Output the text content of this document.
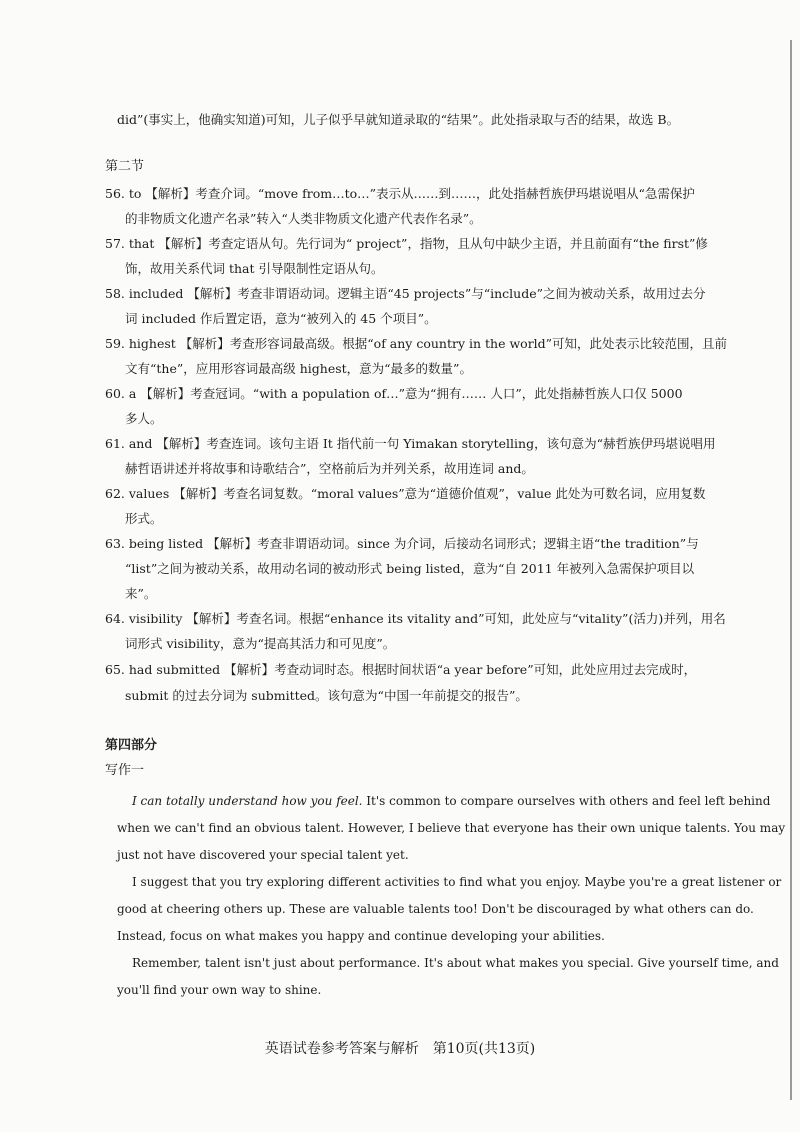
did”(事实上，他确实知道)可知，儿子似乎早就知道录取的“结果”。此处指录取与否的结果，故选 B。
第二节
56. to 【解析】考查介词。“move from…to…”表示从……到……，此处指赫哲族伊玛堪说唱从“急需保护
的非物质文化遗产名录”转入“人类非物质文化遗产代表作名录”。
57. that 【解析】考查定语从句。先行词为“ project”，指物，且从句中缺少主语，并且前面有“the first”修
饰，故用关系代词 that 引导限制性定语从句。
58. included 【解析】考查非谓语动词。逻辑主语“45 projects”与“include”之间为被动关系，故用过去分
词 included 作后置定语，意为“被列入的 45 个项目”。
59. highest 【解析】考查形容词最高级。根据“of any country in the world”可知，此处表示比较范围，且前
文有“the”，应用形容词最高级 highest，意为“最多的数量”。
60. a 【解析】考查冠词。“with a population of…”意为“拥有…… 人口”，此处指赫哲族人口仅 5000
多人。
61. and 【解析】考查连词。该句主语 It 指代前一句 Yimakan storytelling，该句意为“赫哲族伊玛堪说唱用
赫哲语讲述并将故事和诗歌结合”，空格前后为并列关系，故用连词 and。
62. values 【解析】考查名词复数。“moral values”意为“道德价值观”，value 此处为可数名词，应用复数
形式。
63. being listed 【解析】考查非谓语动词。since 为介词，后接动名词形式；逻辑主语“the tradition”与
“list”之间为被动关系，故用动名词的被动形式 being listed，意为“自 2011 年被列入急需保护项目以
来”。
64. visibility 【解析】考查名词。根据“enhance its vitality and”可知，此处应与“vitality”(活力)并列，用名
词形式 visibility，意为“提高其活力和可见度”。
65. had submitted 【解析】考查动词时态。根据时间状语“a year before”可知，此处应用过去完成时，
submit 的过去分词为 submitted。该句意为“中国一年前提交的报告”。
第四部分
写作一
I can totally understand how you feel. It's common to compare ourselves with others and feel left behind
when we can't find an obvious talent. However, I believe that everyone has their own unique talents. You may
just not have discovered your special talent yet.
I suggest that you try exploring different activities to find what you enjoy. Maybe you're a great listener or
good at cheering others up. These are valuable talents too! Don't be discouraged by what others can do.
Instead, focus on what makes you happy and continue developing your abilities.
Remember, talent isn't just about performance. It's about what makes you special. Give yourself time, and
you'll find your own way to shine.
英语试卷参考答案与解析　第10页(共13页)
